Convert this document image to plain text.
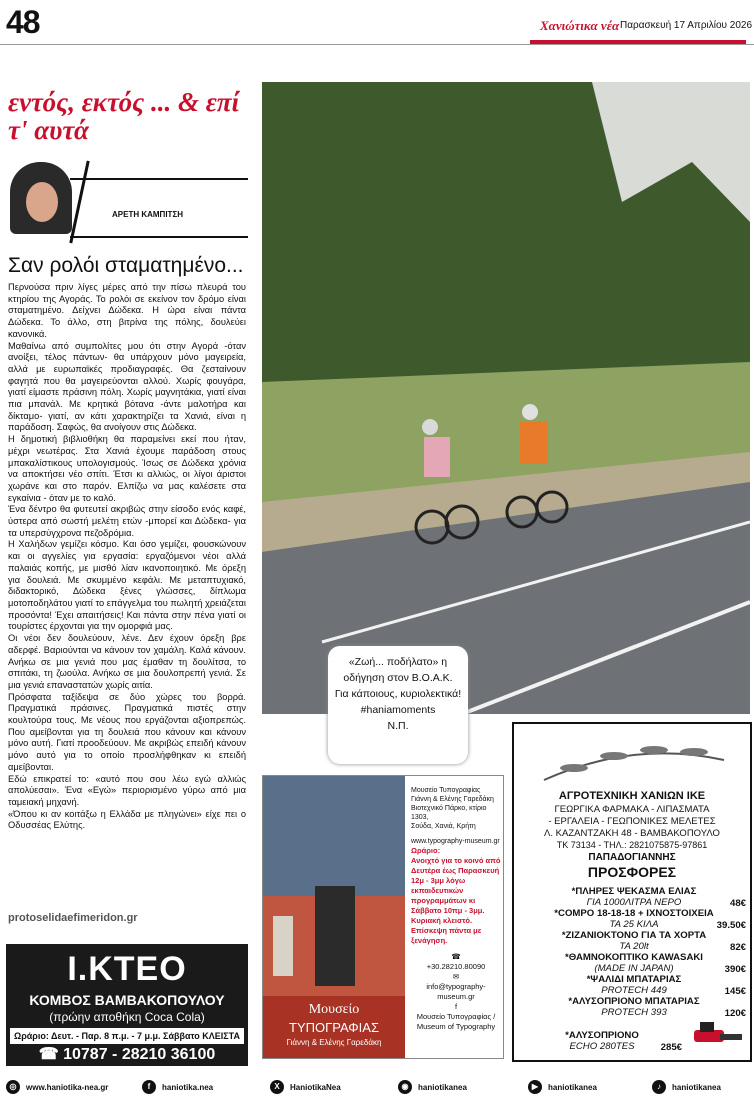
48	Χανιώτικα νέα Παρασκευή 17 Απριλίου 2026
εντός, εκτός ... & επί τ' αυτά
ΑΡΕΤΗ ΚΑΜΠΙΤΣΗ
Σαν ρολόι σταματημένο...

Περνούσα πριν λίγες μέρες από την πίσω πλευρά του κτηρίου της Αγοράς. Το ρολόι σε εκείνον τον δρόμο είναι σταματημένο. Δείχνει Δώδεκα. Η ώρα είναι πάντα Δώδεκα. Το άλλο, στη βιτρίνα της πόλης, δουλεύει κανονικά.

Μαθαίνω από συμπολίτες μου ότι στην Αγορά -όταν ανοίξει, τέλος πάντων- θα υπάρχουν μόνο μαγειρεία, αλλά με ευρωπαϊκές προδιαγραφές. Θα ζεσταίνουν φαγητά που θα μαγειρεύονται αλλού. Χωρίς φουγάρα, γιατί είμαστε πράσινη πόλη. Χωρίς μαγνητάκια, γιατί είναι πια μπανάλ. Με κρητικά βότανα -άντε μαλοτήρα και δίκταμο- γιατί, αν κάτι χαρακτηρίζει τα Χανιά, είναι η παράδοση. Σαφώς, θα ανοίγουν στις Δώδεκα.

Η δημοτική βιβλιοθήκη θα παραμείνει εκεί που ήταν, μέχρι νεωτέρας. Στα Χανιά έχουμε παράδοση στους μπακαλίστικους υπολογισμούς. Ίσως σε Δώδεκα χρόνια να αποκτήσει νέο σπίτι. Έτσι κι αλλιώς, οι λίγοι άριστοι χωράνε και στο παρόν. Ελπίζω να μας καλέσετε στα εγκαίνια - όταν με το καλό.

Ένα δέντρο θα φυτευτεί ακριβώς στην είσοδο ενός καφέ, ύστερα από σωστή μελέτη ετών -μπορεί και Δώδεκα- για τα υπερσύγχρονα πεζοδρόμια.

Η Χαλήδων γεμίζει κόσμο. Και όσο γεμίζει, φουσκώνουν και οι αγγελίες για εργασία: εργαζόμενοι νέοι αλλά παλαιάς κοπής, με μισθό λίαν ικανοποιητικό. Με όρεξη για δουλειά. Με σκυμμένο κεφάλι. Με μεταπτυχιακό, διδακτορικό, Δώδεκα ξένες γλώσσες, δίπλωμα μοτοποδηλάτου γιατί το επάγγελμα του πωλητή χρειάζεται προσόντα! Έχει απαιτήσεις! Και πάντα στην πένα γιατί οι τουρίστες έρχονται για την ομορφιά μας.

Οι νέοι δεν δουλεύουν, λένε. Δεν έχουν όρεξη βρε αδερφέ. Βαριούνται να κάνουν τον χαμάλη. Καλά κάνουν. Ανήκω σε μια γενιά που μας έμαθαν τη δουλίτσα, το σπιτάκι, τη ζωούλα. Ανήκω σε μια δουλοπρεπή γενιά. Σε μια γενιά επαναστατών χωρίς αιτία.

Πρόσφατα ταξίδεψα σε δύο χώρες του βορρά. Πραγματικά πράσινες. Πραγματικά πιστές στην κουλτούρα τους. Με νέους που εργάζονται αξιοπρεπώς. Που αμείβονται για τη δουλειά που κάνουν και κάνουν μόνο αυτή. Γιατί προοδεύουν. Με ακριβώς επειδή κάνουν μόνο αυτό για το οποίο προσλήφθηκαν κι επειδή αμείβονται.

Εδώ επικρατεί το: «αυτό που σου λέω εγώ αλλιώς απολύεσαι». Ένα «Εγώ» περιορισμένο γύρω από μια ταμειακή μηχανή.

«Όπου κι αν κοιτάξω η Ελλάδα με πληγώνει» είχε πει ο Οδυσσέας Ελύτης.

protoselidaefimeridon.gr
Ι.ΚΤΕΟ
ΚΟΜΒΟΣ ΒΑΜΒΑΚΟΠΟΥΛΟΥ
(πρώην αποθήκη Coca Cola)
Ωράριο: Δευτ. - Παρ. 8 π.μ. - 7 μ.μ. Σάββατο ΚΛΕΙΣΤΑ
☎ 10787 - 28210 36100
«Ζωή... ποδήλατο» η
οδήγηση στον Β.Ο.Α.Κ.
Για κάποιους, κυριολεκτικά!
#haniamoments
Ν.Π.
Μουσείο
ΤΥΠΟΓΡΑΦΙΑΣ
Γιάννη & Ελένης Γαρεδάκη
Μουσείο Τυπογραφίας
Γιάννη & Ελένης Γαρεδάκη
Βιοτεχνικό Πάρκο, κτίριο 1303,
Σούδα, Χανιά, Κρήτη
www.typography-museum.gr
Ωράριο:
Ανοιχτό για το κοινό από Δευτέρα έως Παρασκευή 12μ - 3μμ λόγω εκπαιδευτικών προγραμμάτων κι Σάββατο 10πμ - 3μμ. Κυριακή κλειστό. Επίσκεψη πάντα με ξενάγηση.
☎
+30.28210.80090
✉
info@typography-museum.gr
f
Μουσείο Τυπογραφίας /
Museum of Typography
ΑΓΡΟΤΕΧΝΙΚΗ ΧΑΝΙΩΝ ΙΚΕ
ΓΕΩΡΓΙΚΑ ΦΑΡΜΑΚΑ - ΛΙΠΑΣΜΑΤΑ
- ΕΡΓΑΛΕΙΑ - ΓΕΩΠΟΝΙΚΕΣ ΜΕΛΕΤΕΣ
Λ. ΚΑΖΑΝΤΖΑΚΗ 48 - ΒΑΜΒΑΚΟΠΟΥΛΟ
ΤΚ 73134 - ΤΗΛ.: 2821075875-97861
ΠΑΠΑΔΟΓΙΑΝΝΗΣ
ΠΡΟΣΦΟΡΕΣ
*ΠΛΗΡΕΣ ΨΕΚΑΣΜΑ ΕΛΙΑΣ
ΓΙΑ 1000ΛΙΤΡΑ ΝΕΡΟ	48€
*COMPO 18-18-18 + ΙΧΝΟΣΤΟΙΧΕΙΑ
ΤΑ 25 ΚΙΛΑ	39.50€
*ΖΙΖΑΝΙΟΚΤΟΝΟ ΓΙΑ ΤΑ ΧΟΡΤΑ
ΤΑ 20lt	82€
*ΘΑΜΝΟΚΟΠΤΙΚΟ KAWASAKI
(MADE IN JAPAN)	390€
*ΨΑΛΙΔΙ ΜΠΑΤΑΡΙΑΣ
PROTECH 449	145€
*ΑΛΥΣΟΠΡΙΟΝΟ ΜΠΑΤΑΡΙΑΣ
PROTECH 393	120€
*ΑΛΥΣΟΠΡΙΟΝΟ
ECHO 280TES	285€
◎	www.haniotika-nea.gr	f	haniotika.nea	X	HaniotikaNea	◉	haniotikanea	▶	haniotikanea	♪	haniotikanea
